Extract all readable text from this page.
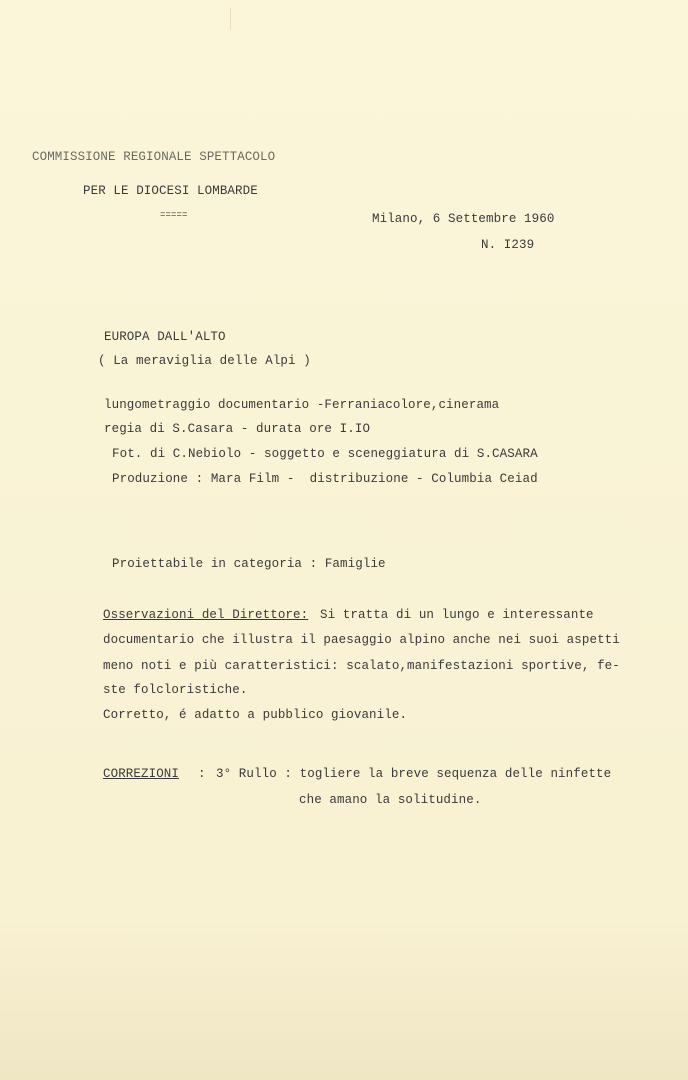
COMMISSIONE REGIONALE SPETTACOLO
PER LE DIOCESI LOMBARDE
=====	Milano, 6 Settembre 1960
N. I239
EUROPA DALL'ALTO
( La meraviglia delle Alpi )
lungometraggio documentario -Ferraniacolore,cinerama
regia di S.Casara - durata ore I.IO
Fot. di C.Nebiolo - soggetto e sceneggiatura di S.CASARA
Produzione : Mara Film -  distribuzione - Columbia Ceiad
Proiettabile in categoria : Famiglie
Osservazioni del Direttore: Si tratta di un lungo e interessante
documentario che illustra il paesaggio alpino anche nei suoi aspetti
meno noti e più caratteristici: scalato,manifestazioni sportive, fe-
ste folcloristiche.
Corretto, é adatto a pubblico giovanile.
CORREZIONI : 3° Rullo : togliere la breve sequenza delle ninfette
che amano la solitudine.
